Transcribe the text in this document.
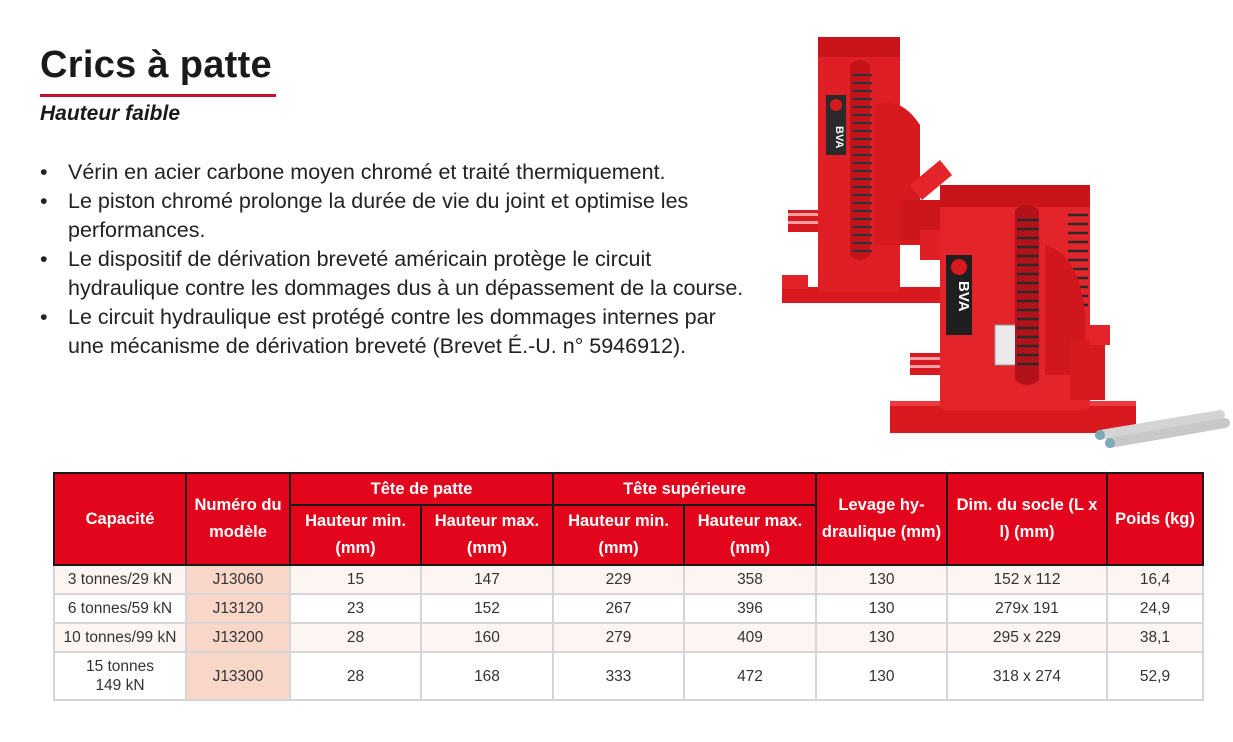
Crics à patte
Hauteur faible
• Vérin en acier carbone moyen chromé et traité thermiquement.
• Le piston chromé prolonge la durée de vie du joint et optimise les performances.
• Le dispositif de dérivation breveté américain protège le circuit hydraulique contre les dommages dus à un dépassement de la course.
• Le circuit hydraulique est protégé contre les dommages internes par une mécanisme de dérivation breveté (Brevet É.-U. n° 5946912).
BVA
BVA
Capacité	Numéro du modèle	Tête de patte		Tête supérieure		Levage hy-draulique (mm)	Dim. du socle (L x l) (mm)	Poids (kg)
		Hauteur min. (mm)	Hauteur max. (mm)	Hauteur min. (mm)	Hauteur max. (mm)			
3 tonnes/29 kN	J13060	15	147	229	358	130	152 x 112	16,4
6 tonnes/59 kN	J13120	23	152	267	396	130	279x 191	24,9
10 tonnes/99 kN	J13200	28	160	279	409	130	295 x 229	38,1
15 tonnes 149 kN	J13300	28	168	333	472	130	318 x 274	52,9
